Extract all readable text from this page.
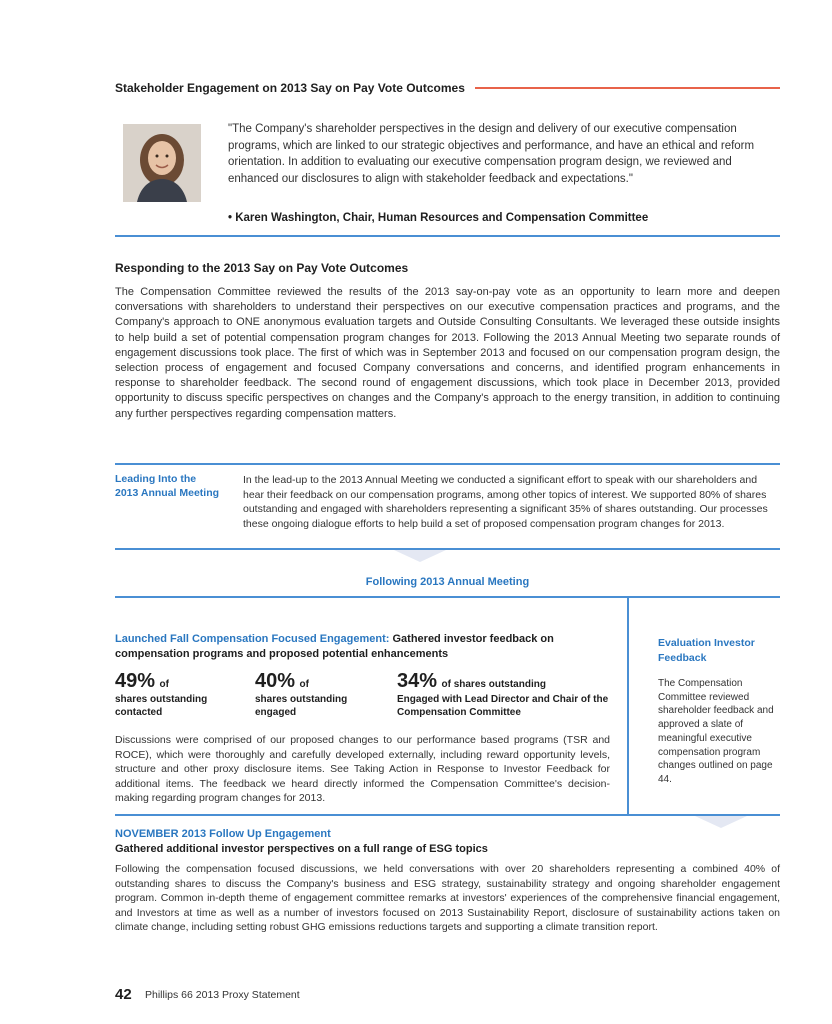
Stakeholder Engagement on 2013 Say on Pay Vote Outcomes
"The Company's shareholder perspectives in the design and delivery of our executive compensation programs, which are linked to our strategic objectives and performance, and have an ethical and reform orientation. In addition to evaluating our executive compensation program design, we reviewed and enhanced our disclosures to align with stakeholder feedback and expectations."
• Karen Washington, Chair, Human Resources and Compensation Committee
Responding to the 2013 Say on Pay Vote Outcomes
The Compensation Committee reviewed the results of the 2013 say-on-pay vote as an opportunity to learn more and deepen conversations with shareholders to understand their perspectives on our executive compensation practices and programs, and the Company's approach to ONE anonymous evaluation targets and Outside Consulting Consultants. We leveraged these outside insights to help build a set of potential compensation program changes for 2013. Following the 2013 Annual Meeting two separate rounds of engagement discussions took place. The first of which was in September 2013 and focused on our compensation program design, the selection process of engagement and focused Company conversations and concerns, and identified program enhancements in response to shareholder feedback. The second round of engagement discussions, which took place in December 2013, provided opportunity to discuss specific perspectives on changes and the Company's approach to the energy transition, in addition to continuing any further perspectives regarding compensation matters.
Leading Into the 2013 Annual Meeting
In the lead-up to the 2013 Annual Meeting we conducted a significant effort to speak with our shareholders and hear their feedback on our compensation programs, among other topics of interest. We supported 80% of shares outstanding and engaged with shareholders representing a significant 35% of shares outstanding. Our processes these ongoing dialogue efforts to help build a set of proposed compensation program changes for 2013.
Following 2013 Annual Meeting
Launched Fall Compensation Focused Engagement: Gathered investor feedback on compensation programs and proposed potential enhancements
49% of
shares outstanding contacted
40% of
shares outstanding engaged
34% of shares outstanding
Engaged with Lead Director and Chair of the Compensation Committee
Discussions were comprised of our proposed changes to our performance based programs (TSR and ROCE), which were thoroughly and carefully developed externally, including reward opportunity levels, structure and other proxy disclosure items. See Taking Action in Response to Investor Feedback for additional items. The feedback we heard directly informed the Compensation Committee's decision-making regarding program changes for 2013.
Evaluation Investor Feedback
The Compensation Committee reviewed shareholder feedback and approved a slate of meaningful executive compensation program changes outlined on page 44.
NOVEMBER 2013 Follow Up Engagement
Gathered additional investor perspectives on a full range of ESG topics
Following the compensation focused discussions, we held conversations with over 20 shareholders representing a combined 40% of outstanding shares to discuss the Company's business and ESG strategy, sustainability strategy and ongoing shareholder engagement program. Common in-depth theme of engagement committee remarks at investors' experiences of the comprehensive financial engagement, and Investors at time as well as a number of investors focused on 2013 Sustainability Report, disclosure of sustainability actions taken on climate change, including setting robust GHG emissions reductions targets and supporting a climate transition report.
42 Phillips 66 2013 Proxy Statement
